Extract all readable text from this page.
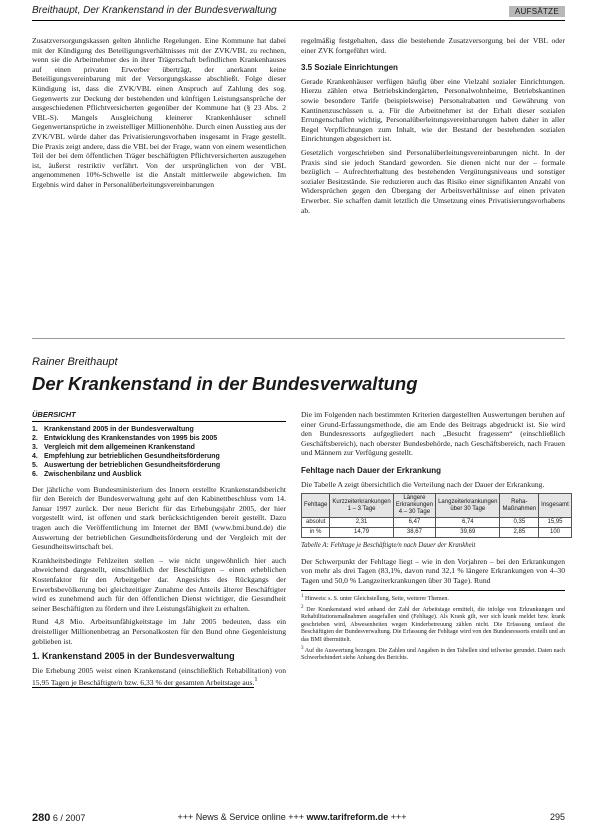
Breithaupt, Der Krankenstand in der Bundesverwaltung	AUFSÄTZE

Zusatzversorgungskassen gelten ähnliche Regelungen. Eine Kommune hat dabei mit der Kündigung des Beteiligungsverhältnisses mit der ZVK/VBL zu rechnen, wenn sie die Arbeitnehmer des in ihrer Trägerschaft befindlichen Krankenhauses auf einen privaten Erwerber überträgt, der anerkannt keine Beteiligungsvereinbarung mit der Versorgungskasse abschließt. Folge dieser Kündigung ist, dass die ZVK/VBL einen Anspruch auf Zahlung des sog. Gegenwerts zur Deckung der bestehenden und künftigen Leistungsansprüche der ausgeschiedenen Pflichtversicherten gegenüber der Kommune hat (§ 23 Abs. 2 VBL-S). Mangels Ausgleichung kleinerer Krankenhäuser schnell Gegenwertansprüche in zweistelliger Millionenhöhe. Durch einen Ausstieg aus der ZVK/VBL würde daher das Privatisierungsvorhaben insgesamt in Frage gestellt. Die Praxis zeigt andere, dass die VBL bei der Frage, wann von einem wesentlichen Teil der bei dem öffentlichen Träger beschäftigten Pflichtversicherten auszugehen ist, äußerst restriktiv verfährt. Von der ursprünglichen von der VBL angenommenen 10%-Schwelle ist die Anstalt mittlerweile abgewichen. Im Ergebnis wird daher in Personalüberleitungsvereinbarungen

regelmäßig festgehalten, dass die bestehende Zusatzversorgung bei der VBL oder einer ZVK fortgeführt wird.

3.5 Soziale Einrichtungen

Gerade Krankenhäuser verfügen häufig über eine Vielzahl sozialer Einrichtungen. Hierzu zählen etwa Betriebskindergärten, Personalwohnheime, Betriebskantinen sowie besondere Tarife (beispielsweise) Personalrabatten und Gewährung von Kantinenzuschüssen u. a. Für die Arbeitnehmer ist der Erhalt dieser sozialen Errungenschaften wichtig, Personalüberleitungsvereinbarungen haben daher in aller Regel Verpflichtungen zum Inhalt, wie der Bestand der bestehenden sozialen Einrichtungen abgesichert ist.

Gesetzlich vorgeschrieben sind Personalüberleitungsvereinbarungen nicht. In der Praxis sind sie jedoch Standard geworden. Sie dienen nicht nur der – formale bezüglich – Aufrechterhaltung des bestehenden Vergütungsniveaus und sonstiger sozialer Besitzstände. Sie reduzieren auch das Risiko einer signifikanten Anzahl von Widersprüchen gegen den Übergang der Arbeitsverhältnisse auf einen privaten Erwerber. Sie schaffen damit letztlich die Umsetzung eines Privatisierungsvorhabens ab.

Rainer Breithaupt
Der Krankenstand in der Bundesverwaltung
ÜBERSICHT
1. Krankenstand 2005 in der Bundesverwaltung
2. Entwicklung des Krankenstandes von 1995 bis 2005
3. Vergleich mit dem allgemeinen Krankenstand
4. Empfehlung zur betrieblichen Gesundheitsförderung
5. Auswertung der betrieblichen Gesundheitsförderung
6. Zwischenbilanz und Ausblick

Der jährliche vom Bundesministerium des Innern erstellte Krankenstandsbericht für den Bereich der Bundesverwaltung geht auf den Kabinettbeschluss vom 14. Januar 1997 zurück. Der neue Bericht für das Erhebungsjahr 2005, der hier vorgestellt wird, ist offenen und stark berücksichtigenden bereit gestellt. Dazu tragen auch die Veröffentlichung im Internet der BMI (www.bmi.bund.de) die Auswertung der betrieblichen Gesundheitsförderung und der Vergleich mit der Gesundheitswirtschaft bei.

Krankheitsbedingte Fehlzeiten stellen – wie nicht ungewöhnlich hier auch abweichend dargestellt, einschließlich der Beschäftigten – einen erheblichen Kostenfaktor für den Arbeitgeber dar. Angesichts des Rückgangs der Erwerbsbevölkerung bei gleichzeitiger Zunahme des Anteils älterer Beschäftigter wird es zunehmend auch für den öffentlichen Dienst wichtiger, die Gesundheit seiner Beschäftigten zu fördern und ihre Leistungsfähigkeit zu erhalten.

Rund 4,8 Mio. Arbeitsunfähigkeitstage im Jahr 2005 bedeuten, dass ein dreistelliger Millionenbetrag an Personalkosten für den Bund ohne Gegenleistung geblieben ist.

1. Krankenstand 2005 in der Bundesverwaltung

Die Erhebung 2005 weist einen Krankenstand (einschließlich Rehabilitation) von 15,95 Tagen je Beschäftigte/n bzw. 6,33 % der gesamten Arbeitstage aus.$^1$

Die im Folgenden nach bestimmten Kriterien dargestellten Auswertungen beruhen auf einer Grund-Erfassungsmethode, die am Ende des Beitrags abgedruckt ist. Sie wird den Bundesressorts aufgegliedert nach „Besucht fragessem“ (einschließlich Geschäftsbereich), nach oberster Bundesbehörde, nach Geschäftsbereich, nach Frauen und Männern zur Verfügung gestellt.

Fehltage nach Dauer der Erkrankung

Die Tabelle A zeigt übersichtlich die Verteilung nach der Dauer der Erkrankung.

Fehltage	Kurzzeiterkrankungen 1 – 3 Tage	Längere Erkrankungen 4 – 30 Tage	Langzeiterkrankungen über 30 Tage	Reha-Maßnahmen	Insgesamt
absolut	2,31	6,47	6,74	0,35	15,95
in %	14,79	38,67	39,69	2,85	100
Tabelle A: Fehltage je Beschäftigte/n nach Dauer der Krankheit

Der Schwerpunkt der Fehltage liegt – wie in den Vorjahren – bei den Erkrankungen von mehr als drei Tagen (83,1%, davon rund 32,1 % längere Erkrankungen von 4–30 Tagen und 50,0 % Langzeiterkrankungen über 30 Tage). Rund

$^1$ Hinweis: s. S. unter Gleichstellung, Seite, weiterer Themen.
$^2$ Der Krankenstand wird anhand der Zahl der Arbeitstage ermittelt, die infolge von Erkrankungen und Rehabilitationsmaßnahmen ausgefallen sind (Fehltage). Als Krank gilt, wer sich krank meldet bzw. krank geschrieben wird, Abwesenheiten wegen Kinderbetreuung zählen nicht. Die Erfassung umfasst die Beschäftigten der Bundesverwaltung. Die Erfassung der Fehltage wird von den Bundesressorts erstellt und an das BMI übermittelt.
$^3$ Auf die Auswertung bezogen. Die Zahlen und Angaben in den Tabellen sind teilweise gerundet. Daten nach Schwerbehindert siehe Anhang des Berichts.
280 6 / 2007	+++ News & Service online +++ www.tarifreform.de +++	295
